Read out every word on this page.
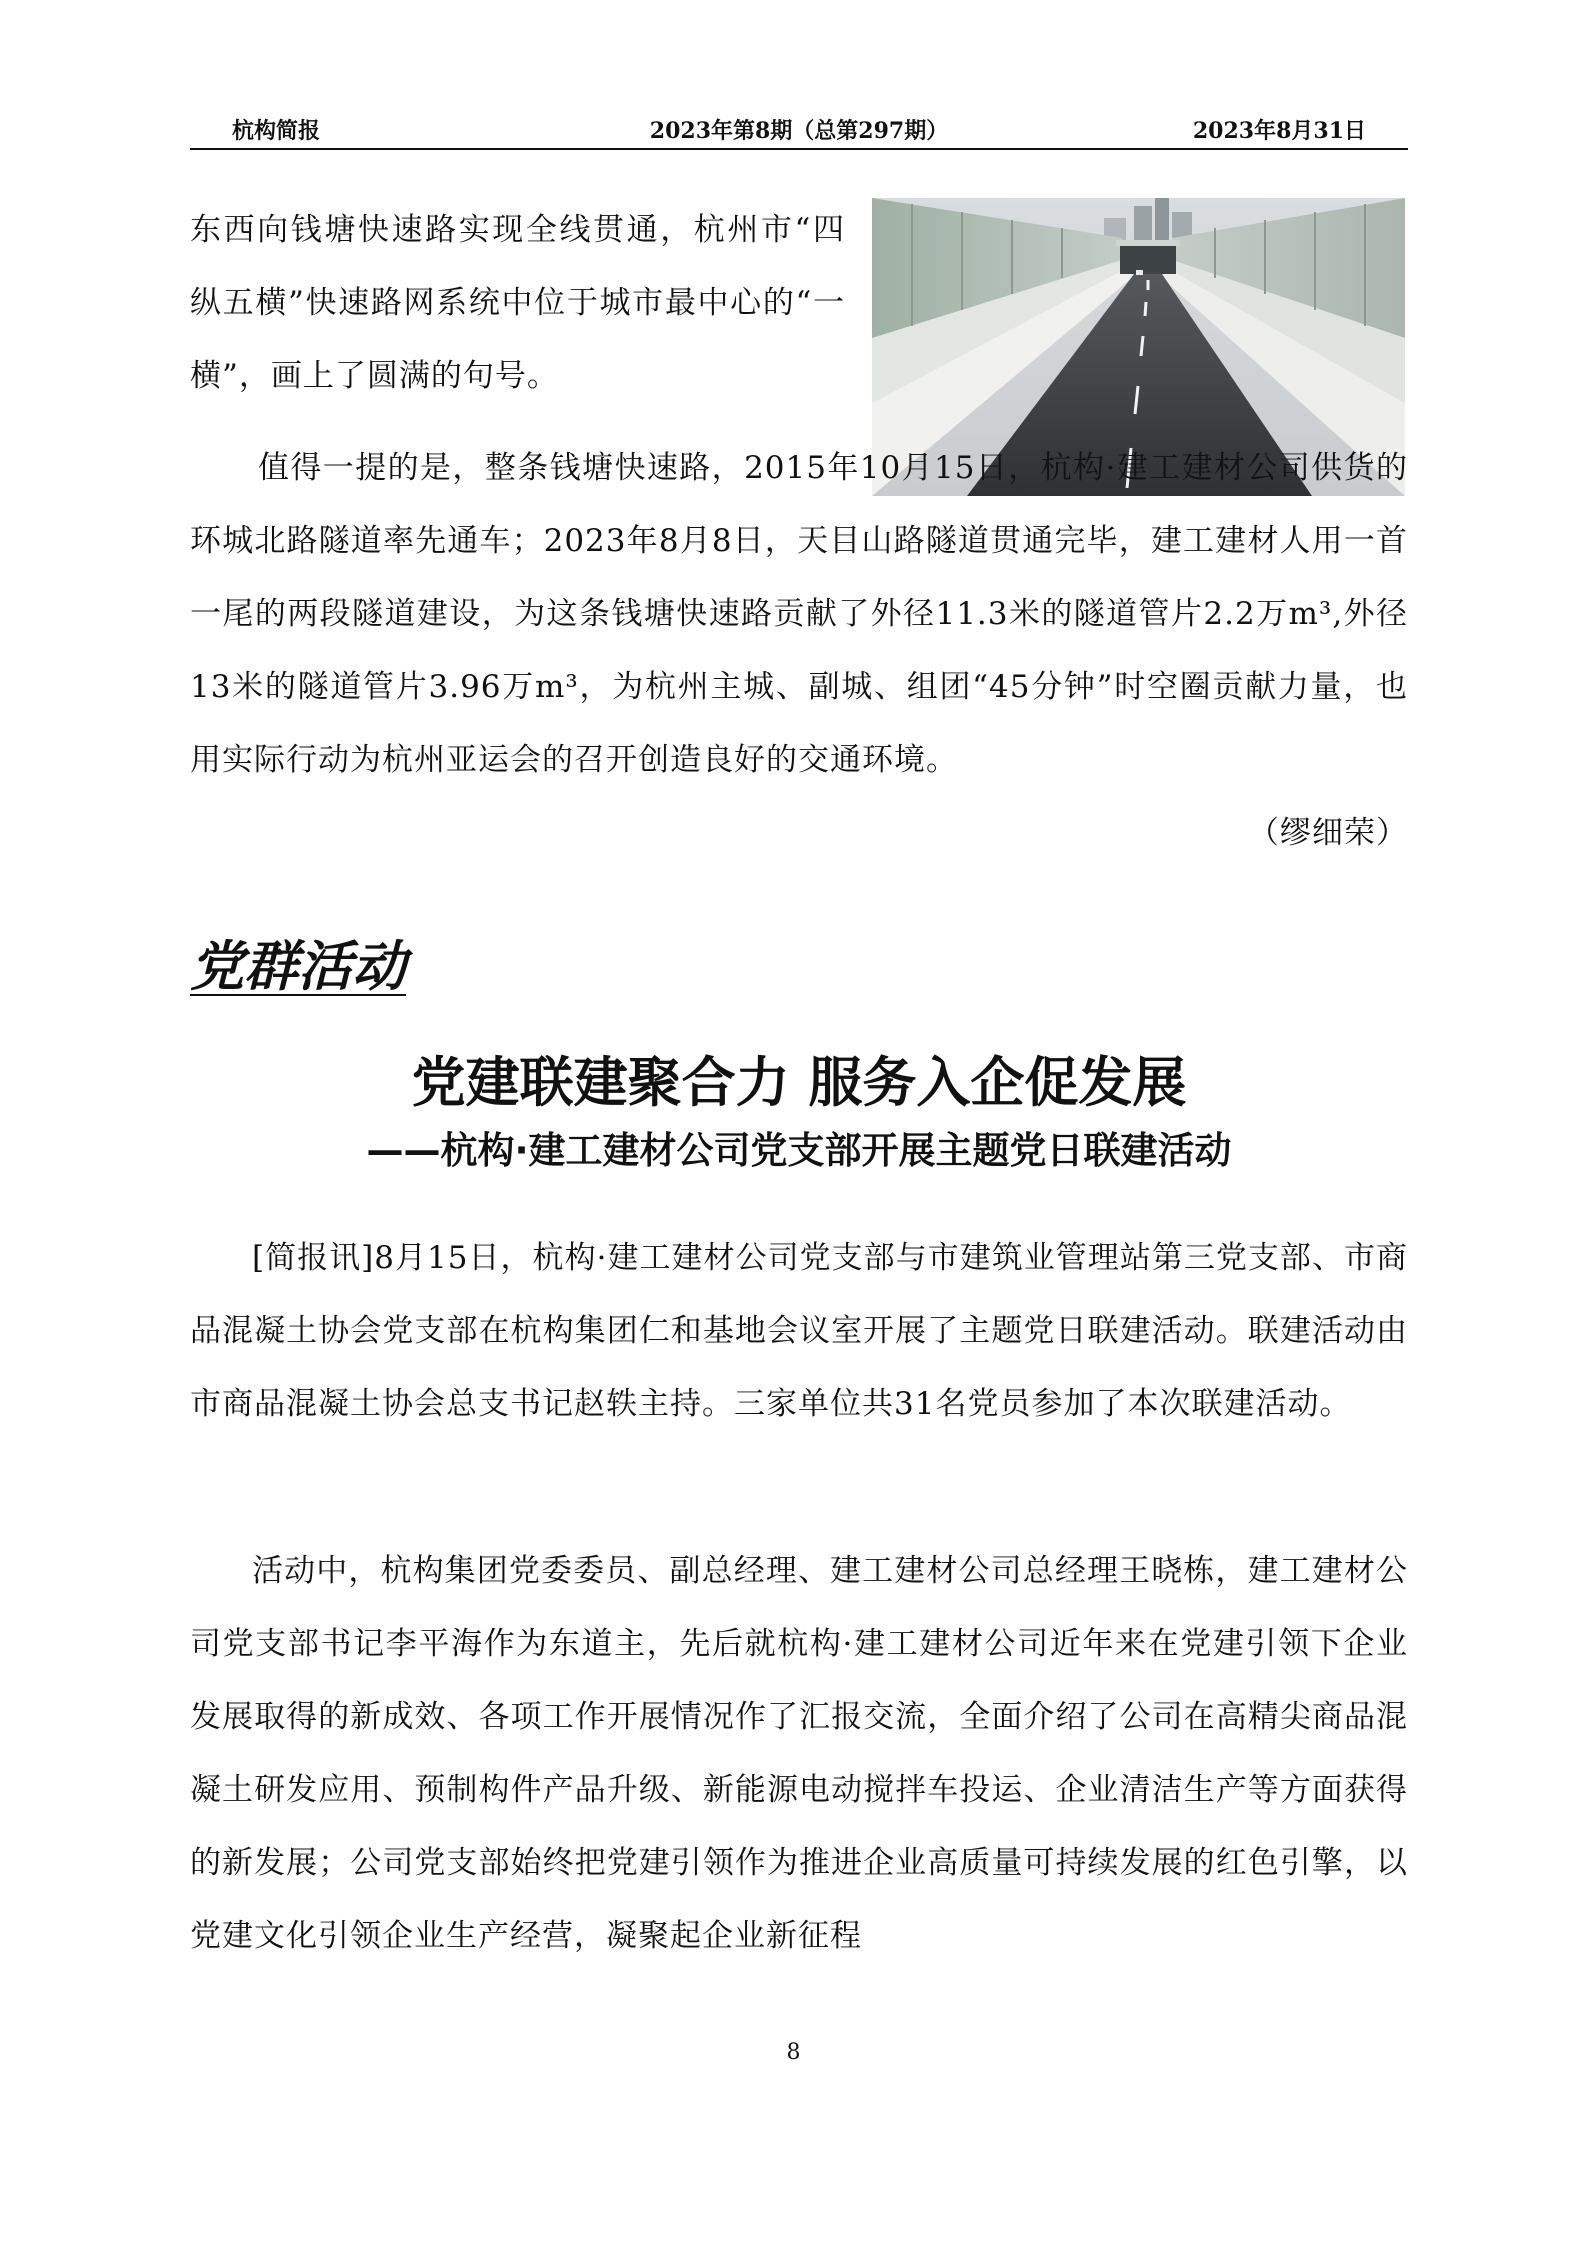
杭构简报	2023年第8期（总第297期）	2023年8月31日

东西向钱塘快速路实现全线贯通，杭州市“四纵五横”快速路网系统中位于城市最中心的“一横”，画上了圆满的句号。

值得一提的是，整条钱塘快速路，2015年10月15日，杭构·建工建材公司供货的环城北路隧道率先通车；2023年8月8日，天目山路隧道贯通完毕，建工建材人用一首一尾的两段隧道建设，为这条钱塘快速路贡献了外径11.3米的隧道管片2.2万m³,外径13米的隧道管片3.96万m³，为杭州主城、副城、组团“45分钟”时空圈贡献力量，也用实际行动为杭州亚运会的召开创造良好的交通环境。
（缪细荣）

党群活动
党建联建聚合力 服务入企促发展
——杭构·建工建材公司党支部开展主题党日联建活动

[简报讯]8月15日，杭构·建工建材公司党支部与市建筑业管理站第三党支部、市商品混凝土协会党支部在杭构集团仁和基地会议室开展了主题党日联建活动。联建活动由市商品混凝土协会总支书记赵轶主持。三家单位共31名党员参加了本次联建活动。

活动中，杭构集团党委委员、副总经理、建工建材公司总经理王晓栋，建工建材公司党支部书记李平海作为东道主，先后就杭构·建工建材公司近年来在党建引领下企业发展取得的新成效、各项工作开展情况作了汇报交流，全面介绍了公司在高精尖商品混凝土研发应用、预制构件产品升级、新能源电动搅拌车投运、企业清洁生产等方面获得的新发展；公司党支部始终把党建引领作为推进企业高质量可持续发展的红色引擎，以党建文化引领企业生产经营，凝聚起企业新征程

8
